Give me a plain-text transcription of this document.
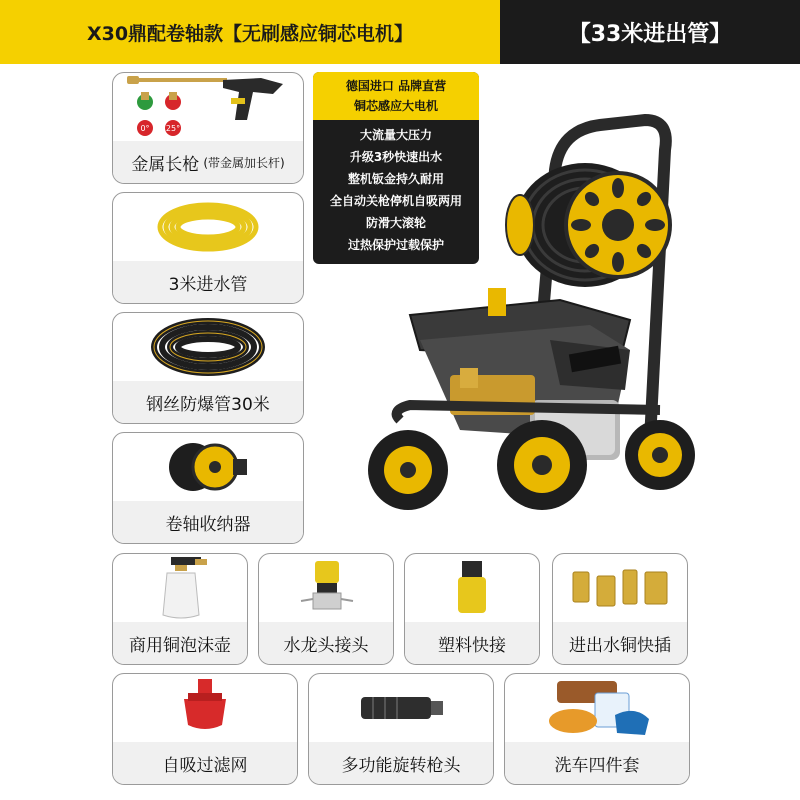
X30鼎配卷轴款【无刷感应铜芯电机】	【33米进出管】
德国进口 品牌直营
铜芯感应大电机
大流量大压力
升级3秒快速出水
整机钣金持久耐用
全自动关枪停机自吸两用
防滑大滚轮
过热保护过载保护
0° 25°
金属长枪 (带金属加长杆)
3米进水管
钢丝防爆管30米
卷轴收纳器
商用铜泡沫壶	水龙头接头	塑料快接	进出水铜快插
自吸过滤网	多功能旋转枪头	洗车四件套
